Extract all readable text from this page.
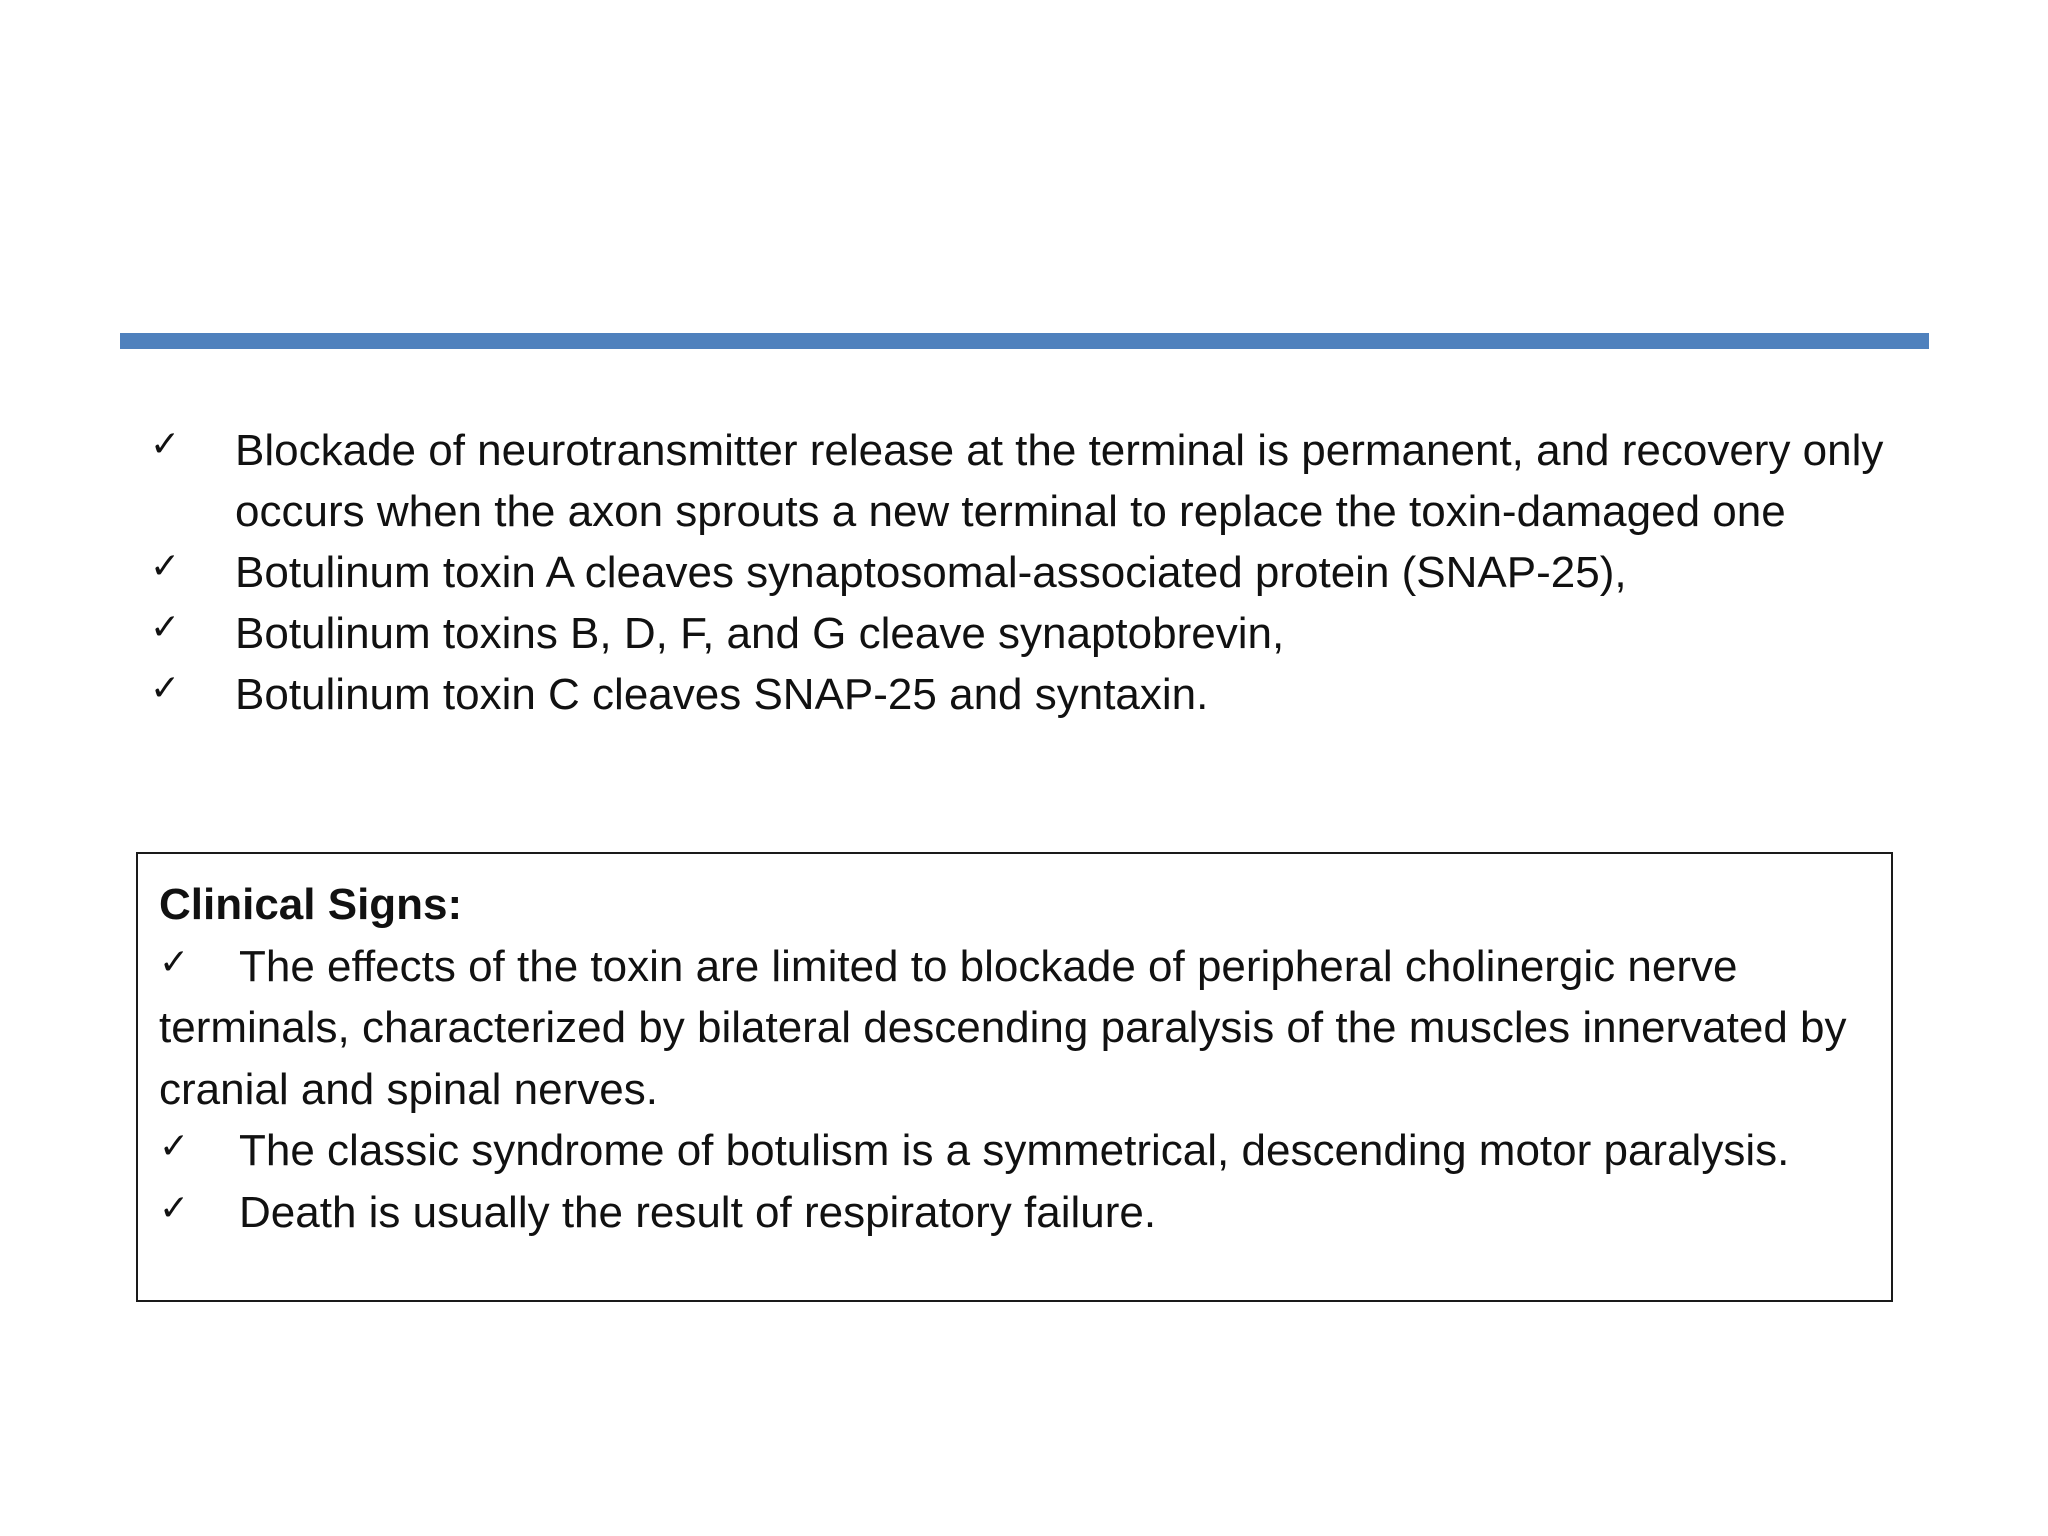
✓	Blockade of neurotransmitter release at the terminal is permanent, and recovery only occurs when the axon sprouts a new terminal to replace the toxin-damaged one
✓	Botulinum toxin A cleaves synaptosomal-associated protein (SNAP-25),
✓	Botulinum toxins B, D, F, and G cleave synaptobrevin,
✓	Botulinum toxin C cleaves SNAP-25 and syntaxin.

Clinical Signs:

✓ The effects of the toxin are limited to blockade of peripheral cholinergic nerve terminals, characterized by bilateral descending paralysis of the muscles innervated by cranial and spinal nerves.

✓ The classic syndrome of botulism is a symmetrical, descending motor paralysis.

✓ Death is usually the result of respiratory failure.
